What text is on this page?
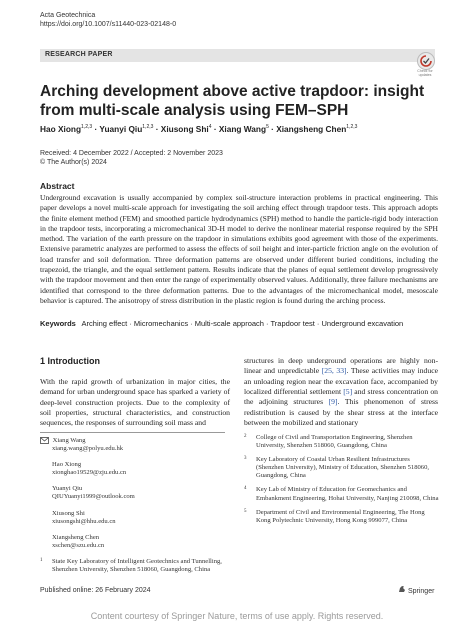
Acta Geotechnica
https://doi.org/10.1007/s11440-023-02148-0
RESEARCH PAPER
Check for updates
Arching development above active trapdoor: insight from multi-scale analysis using FEM–SPH
Hao Xiong$^{1,2,3}$ · Yuanyi Qiu$^{1,2,3}$ · Xiusong Shi$^4$ · Xiang Wang$^5$ · Xiangsheng Chen$^{1,2,3}$
Received: 4 December 2022 / Accepted: 2 November 2023
© The Author(s) 2024
Abstract
Underground excavation is usually accompanied by complex soil-structure interaction problems in practical engineering. This paper develops a novel multi-scale approach for investigating the soil arching effect through trapdoor tests. This approach adopts the finite element method (FEM) and smoothed particle hydrodynamics (SPH) method to handle the particle-rigid body interaction in the trapdoor tests, incorporating a micromechanical 3D-H model to derive the nonlinear material response required by the SPH method. The variation of the earth pressure on the trapdoor in simulations exhibits good agreement with those of the experiments. Extensive parametric analyzes are performed to assess the effects of soil height and inter-particle friction angle on the evolution of load transfer and soil deformation. Three deformation patterns are observed under different buried conditions, including the trapezoid, the triangle, and the equal settlement pattern. Results indicate that the planes of equal settlement develop progressively with the trapdoor movement and then enter the range of experimentally observed values. Additionally, three failure mechanisms are identified that correspond to the three deformation patterns. Due to the advantages of the micromechanical model, mesoscale behavior is captured. The anisotropy of stress distribution in the plastic region is found during the arching process.
Keywords Arching effect · Micromechanics · Multi-scale approach · Trapdoor test · Underground excavation
1 Introduction
With the rapid growth of urbanization in major cities, the demand for urban underground space has sparked a variety of deep-level construction projects. Due to the complexity of soil properties, structural characteristics, and construction sequences, the responses of surrounding soil mass and
structures in deep underground operations are highly non-linear and unpredictable [25, 33]. These activities may induce an unloading region near the excavation face, accompanied by localized differential settlement [5] and stress concentration on the adjoining structures [9]. This phenomenon of stress redistribution is caused by the shear stress at the interface between the mobilized and stationary
Xiang Wang
xiang.wang@polyu.edu.hk
Hao Xiong
xionghao19529@zju.edu.cn
Yuanyi Qiu
QIUYuanyi1999@outlook.com
Xiusong Shi
xiusongshi@hhu.edu.cn
Xiangsheng Chen
xschen@szu.edu.cn
1 State Key Laboratory of Intelligent Geotechnics and Tunnelling, Shenzhen University, Shenzhen 518060, Guangdong, China
2 College of Civil and Transportation Engineering, Shenzhen University, Shenzhen 518060, Guangdong, China
3 Key Laboratory of Coastal Urban Resilient Infrastructures (Shenzhen University), Ministry of Education, Shenzhen 518060, Guangdong, China
4 Key Lab of Ministry of Education for Geomechanics and Embankment Engineering, Hohai University, Nanjing 210098, China
5 Department of Civil and Environmental Engineering, The Hong Kong Polytechnic University, Hong Kong 999077, China
Published online: 26 February 2024	Springer
Content courtesy of Springer Nature, terms of use apply. Rights reserved.
